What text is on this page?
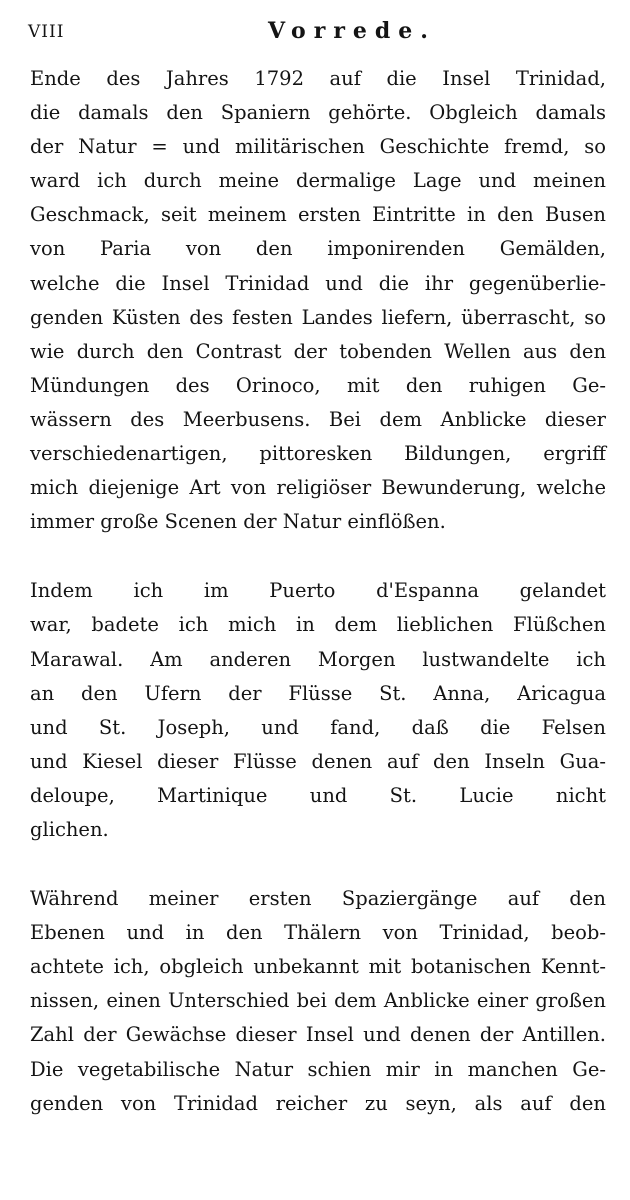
VIII	Vorrede.

Ende des Jahres 1792 auf die Insel Trinidad,
die damals den Spaniern gehörte. Obgleich damals
der Natur = und militärischen Geschichte fremd, so
ward ich durch meine dermalige Lage und meinen
Geschmack, seit meinem ersten Eintritte in den Busen
von Paria von den imponirenden Gemälden,
welche die Insel Trinidad und die ihr gegenüberlie-
genden Küsten des festen Landes liefern, überrascht, so
wie durch den Contrast der tobenden Wellen aus den
Mündungen des Orinoco, mit den ruhigen Ge-
wässern des Meerbusens. Bei dem Anblicke dieser
verschiedenartigen, pittoresken Bildungen, ergriff
mich diejenige Art von religiöser Bewunderung, welche
immer große Scenen der Natur einflößen.

Indem ich im Puerto d'Espanna gelandet
war, badete ich mich in dem lieblichen Flüßchen
Marawal. Am anderen Morgen lustwandelte ich
an den Ufern der Flüsse St. Anna, Aricagua
und St. Joseph, und fand, daß die Felsen
und Kiesel dieser Flüsse denen auf den Inseln Gua-
deloupe, Martinique und St. Lucie nicht
glichen.

Während meiner ersten Spaziergänge auf den
Ebenen und in den Thälern von Trinidad, beob-
achtete ich, obgleich unbekannt mit botanischen Kennt-
nissen, einen Unterschied bei dem Anblicke einer großen
Zahl der Gewächse dieser Insel und denen der Antillen.
Die vegetabilische Natur schien mir in manchen Ge-
genden von Trinidad reicher zu seyn, als auf den
